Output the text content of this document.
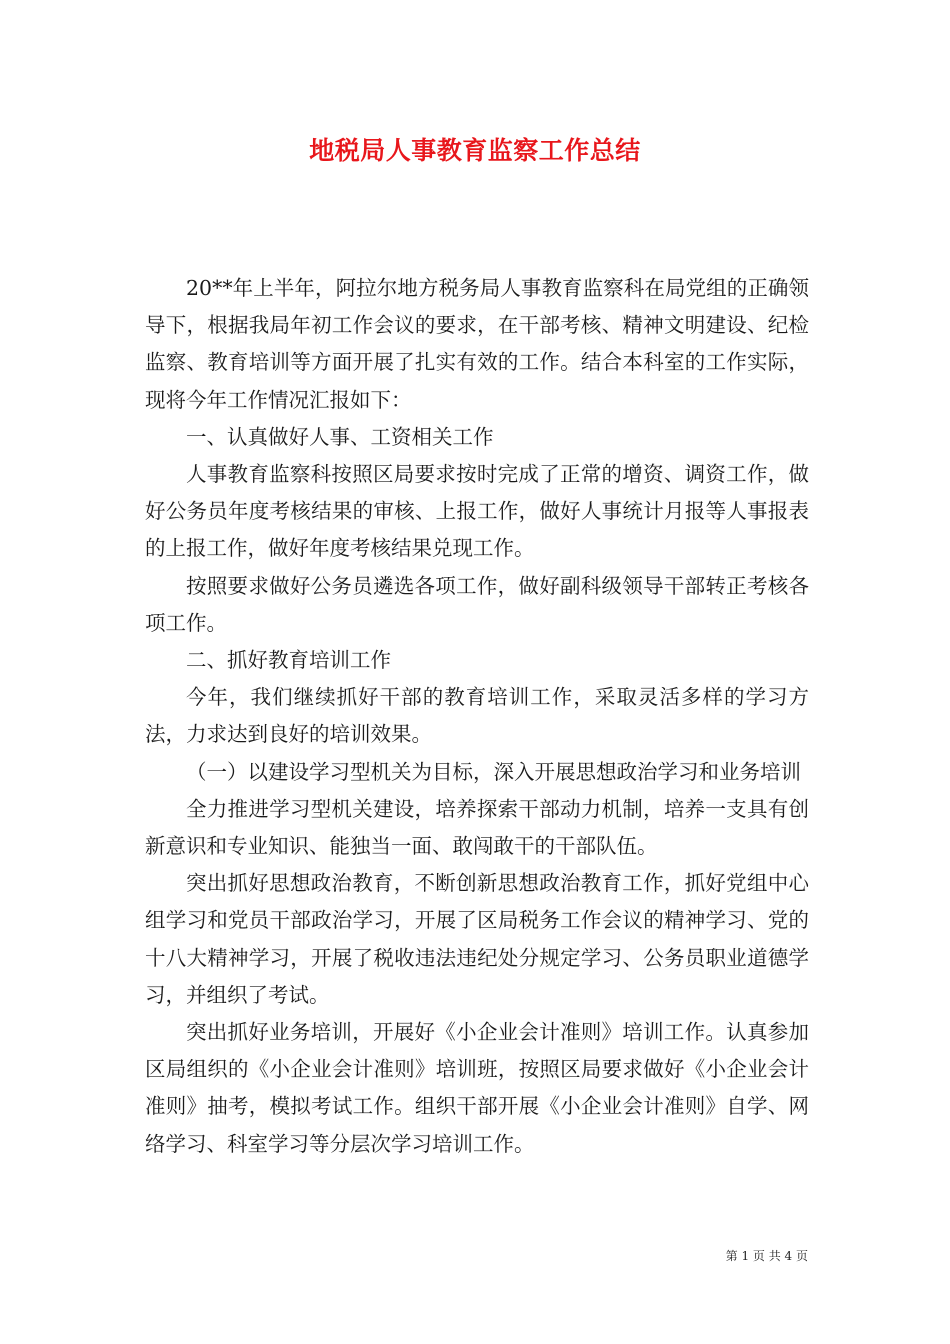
地税局人事教育监察工作总结

20**年上半年，阿拉尔地方税务局人事教育监察科在局党组的正确领导下，根据我局年初工作会议的要求，在干部考核、精神文明建设、纪检监察、教育培训等方面开展了扎实有效的工作。结合本科室的工作实际，现将今年工作情况汇报如下：

一、认真做好人事、工资相关工作

人事教育监察科按照区局要求按时完成了正常的增资、调资工作，做好公务员年度考核结果的审核、上报工作，做好人事统计月报等人事报表的上报工作，做好年度考核结果兑现工作。

按照要求做好公务员遴选各项工作，做好副科级领导干部转正考核各项工作。

二、抓好教育培训工作

今年，我们继续抓好干部的教育培训工作，采取灵活多样的学习方法，力求达到良好的培训效果。

（一）以建设学习型机关为目标，深入开展思想政治学习和业务培训

全力推进学习型机关建设，培养探索干部动力机制，培养一支具有创新意识和专业知识、能独当一面、敢闯敢干的干部队伍。

突出抓好思想政治教育，不断创新思想政治教育工作，抓好党组中心组学习和党员干部政治学习，开展了区局税务工作会议的精神学习、党的十八大精神学习，开展了税收违法违纪处分规定学习、公务员职业道德学习，并组织了考试。

突出抓好业务培训，开展好《小企业会计准则》培训工作。认真参加区局组织的《小企业会计准则》培训班，按照区局要求做好《小企业会计准则》抽考，模拟考试工作。组织干部开展《小企业会计准则》自学、网络学习、科室学习等分层次学习培训工作。

第 1 页 共 4 页
